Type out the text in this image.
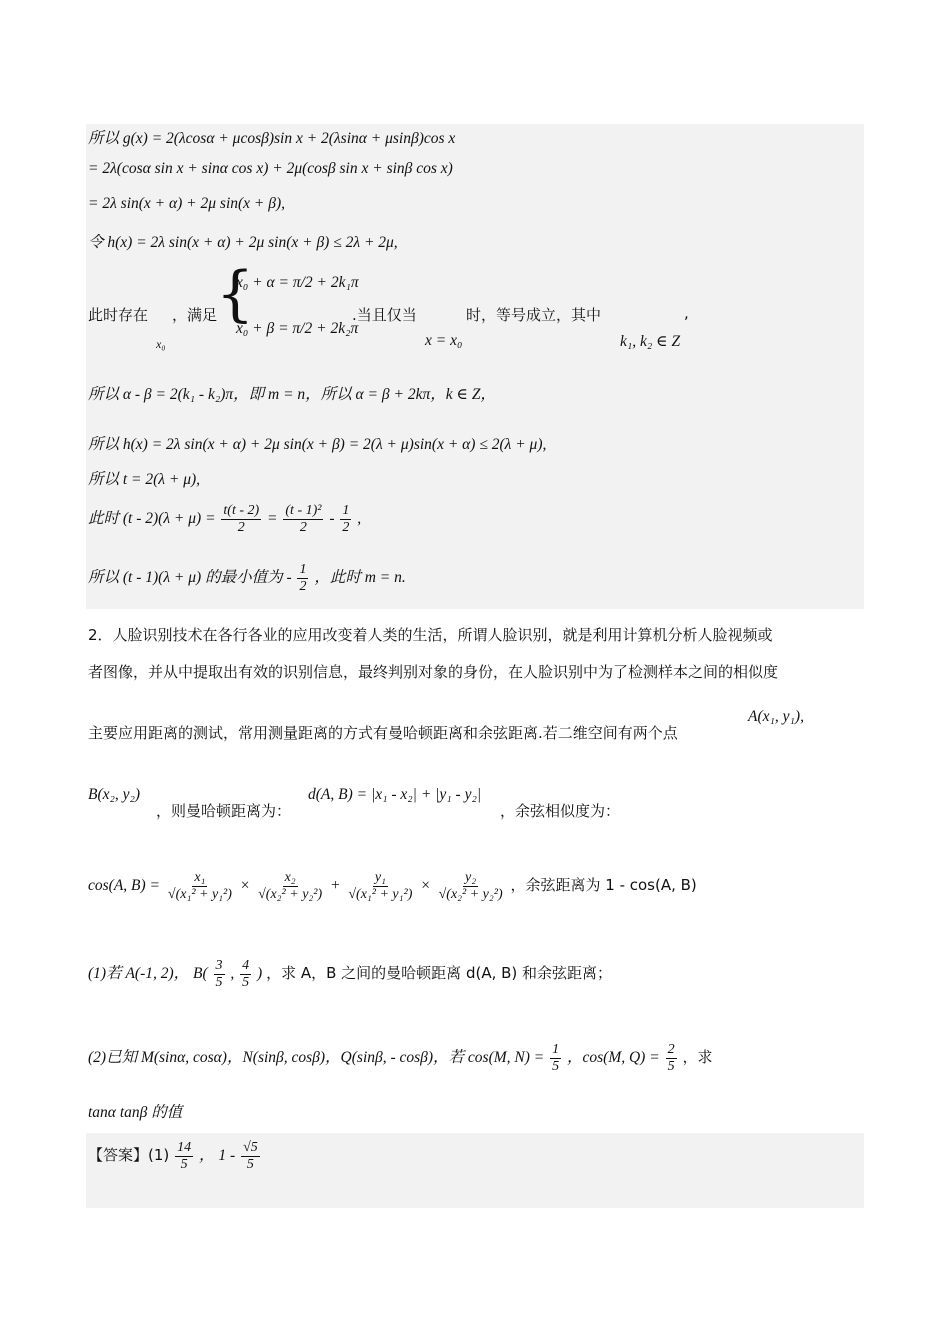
所以 g(x) = 2(λcosα + μcosβ)sin x + 2(λsinα + μsinβ)cos x
= 2λ(cosα sin x + sinα cos x) + 2μ(cosβ sin x + sinβ cos x)
= 2λ sin(x + α) + 2μ sin(x + β),
令 h(x) = 2λ sin(x + α) + 2μ sin(x + β) ≤ 2λ + 2μ,
此时存在
x₀
，满足
{
x₀ + α = π/2 + 2k₁π
x₀ + β = π/2 + 2k₂π
.当且仅当
x = x₀
时，等号成立，其中
k₁, k₂ ∈ Z
,
所以 α - β = 2(k₁ - k₂)π，即 m = n，所以 α = β + 2kπ，k ∈ Z，
所以 h(x) = 2λ sin(x + α) + 2μ sin(x + β) = 2(λ + μ)sin(x + α) ≤ 2(λ + μ),
所以 t = 2(λ + μ),
此时 $(t - 2)(\lambda + \mu) = \frac{t(t - 2)}{2} = \frac{\text{(t - 1)²}}{2} - \frac{1}{2}$ ,
所以 (t - 1)(λ + μ) 的最小值为 - $\frac{1}{2}$ ，此时 m = n.
2．人脸识别技术在各行各业的应用改变着人类的生活，所谓人脸识别，就是利用计算机分析人脸视频或
者图像，并从中提取出有效的识别信息，最终判别对象的身份，在人脸识别中为了检测样本之间的相似度
主要应用距离的测试，常用测量距离的方式有曼哈顿距离和余弦距离.若二维空间有两个点
A(x₁, y₁),
B(x₂, y₂)
，则曼哈顿距离为：
d(A, B) = |x₁ - x₂| + |y₁ - y₂|
，余弦相似度为：
cos(A, $B) = \frac{\text{x₁}}{\text{√(x₁² + y₁²)}} \times \frac{\text{x₂}}{\text{√(x₂² + y₂²)}} + \frac{\text{y₁}}{\text{√(x₁² + y₁²)}} \times \frac{\text{y₂}}{\text{√(x₂² + y₂²)}}$ ，余弦距离为 1 - cos(A, B)
(1)若 A(-1, 2)， $B( \frac{3}{5}$ , $\frac{4}{5}$ ) ，求 A，B 之间的曼哈顿距离 d(A, B) 和余弦距离；
(2)已知 M(sinα, cosα)，N(sinβ, cosβ)，Q(sinβ, - cosβ)，若 cos(M, $N) = \frac{1}{5}$ ，cos(M, $Q) = \frac{2}{5}$ ，求
tanα tanβ 的值
【答案】$(1) \frac{14}{5}$ ， $1 - \frac{√5}{5}$
